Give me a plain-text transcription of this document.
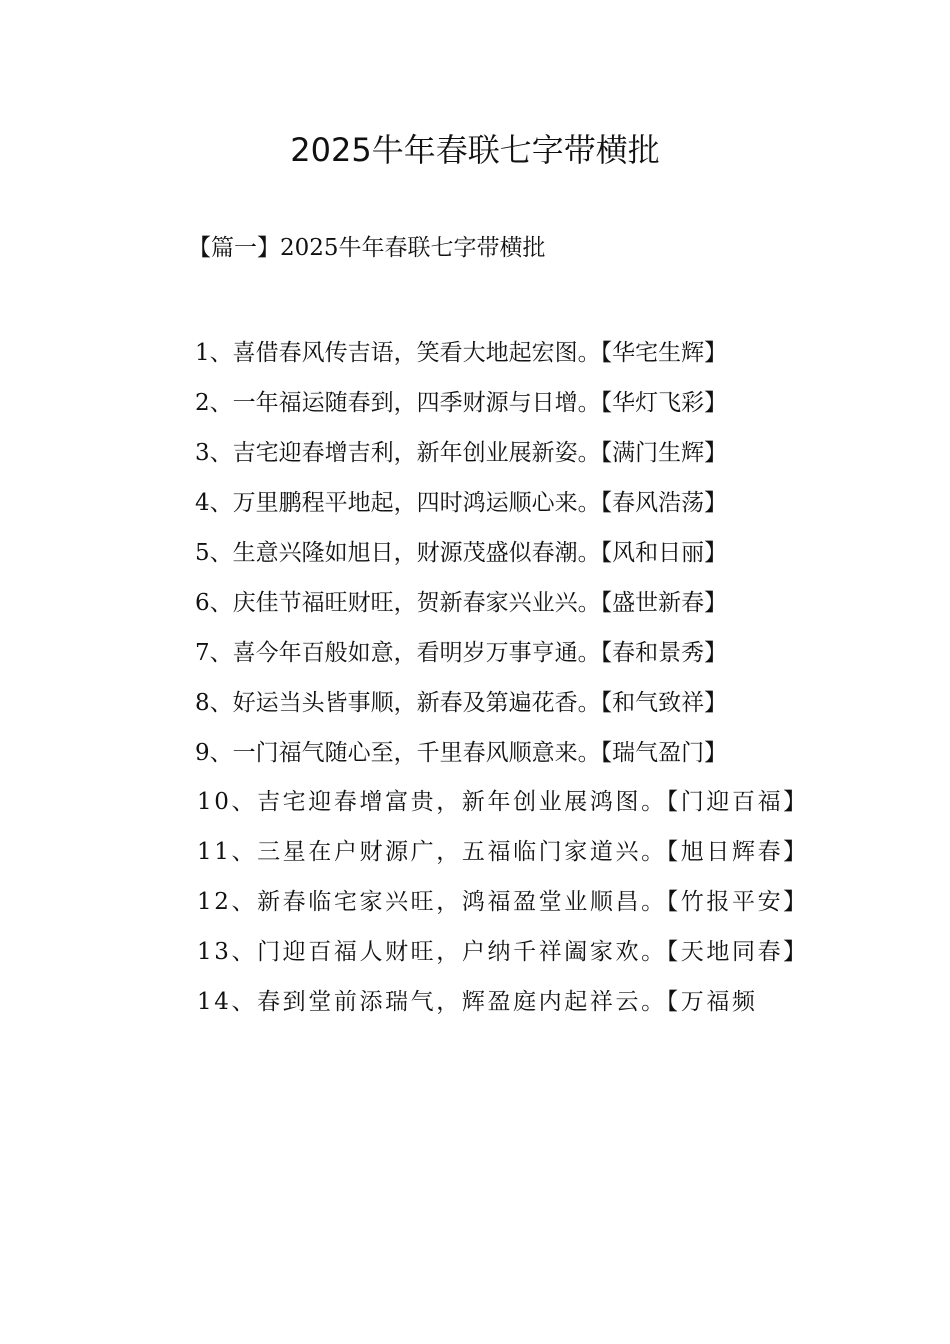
2025牛年春联七字带横批
【篇一】2025牛年春联七字带横批
1、喜借春风传吉语，笑看大地起宏图。【华宅生辉】
2、一年福运随春到，四季财源与日增。【华灯飞彩】
3、吉宅迎春增吉利，新年创业展新姿。【满门生辉】
4、万里鹏程平地起，四时鸿运顺心来。【春风浩荡】
5、生意兴隆如旭日，财源茂盛似春潮。【风和日丽】
6、庆佳节福旺财旺，贺新春家兴业兴。【盛世新春】
7、喜今年百般如意，看明岁万事亨通。【春和景秀】
8、好运当头皆事顺，新春及第遍花香。【和气致祥】
9、一门福气随心至，千里春风顺意来。【瑞气盈门】
10、吉宅迎春增富贵，新年创业展鸿图。【门迎百福】
11、三星在户财源广，五福临门家道兴。【旭日辉春】
12、新春临宅家兴旺，鸿福盈堂业顺昌。【竹报平安】
13、门迎百福人财旺，户纳千祥阖家欢。【天地同春】
14、春到堂前添瑞气，辉盈庭内起祥云。【万福频
